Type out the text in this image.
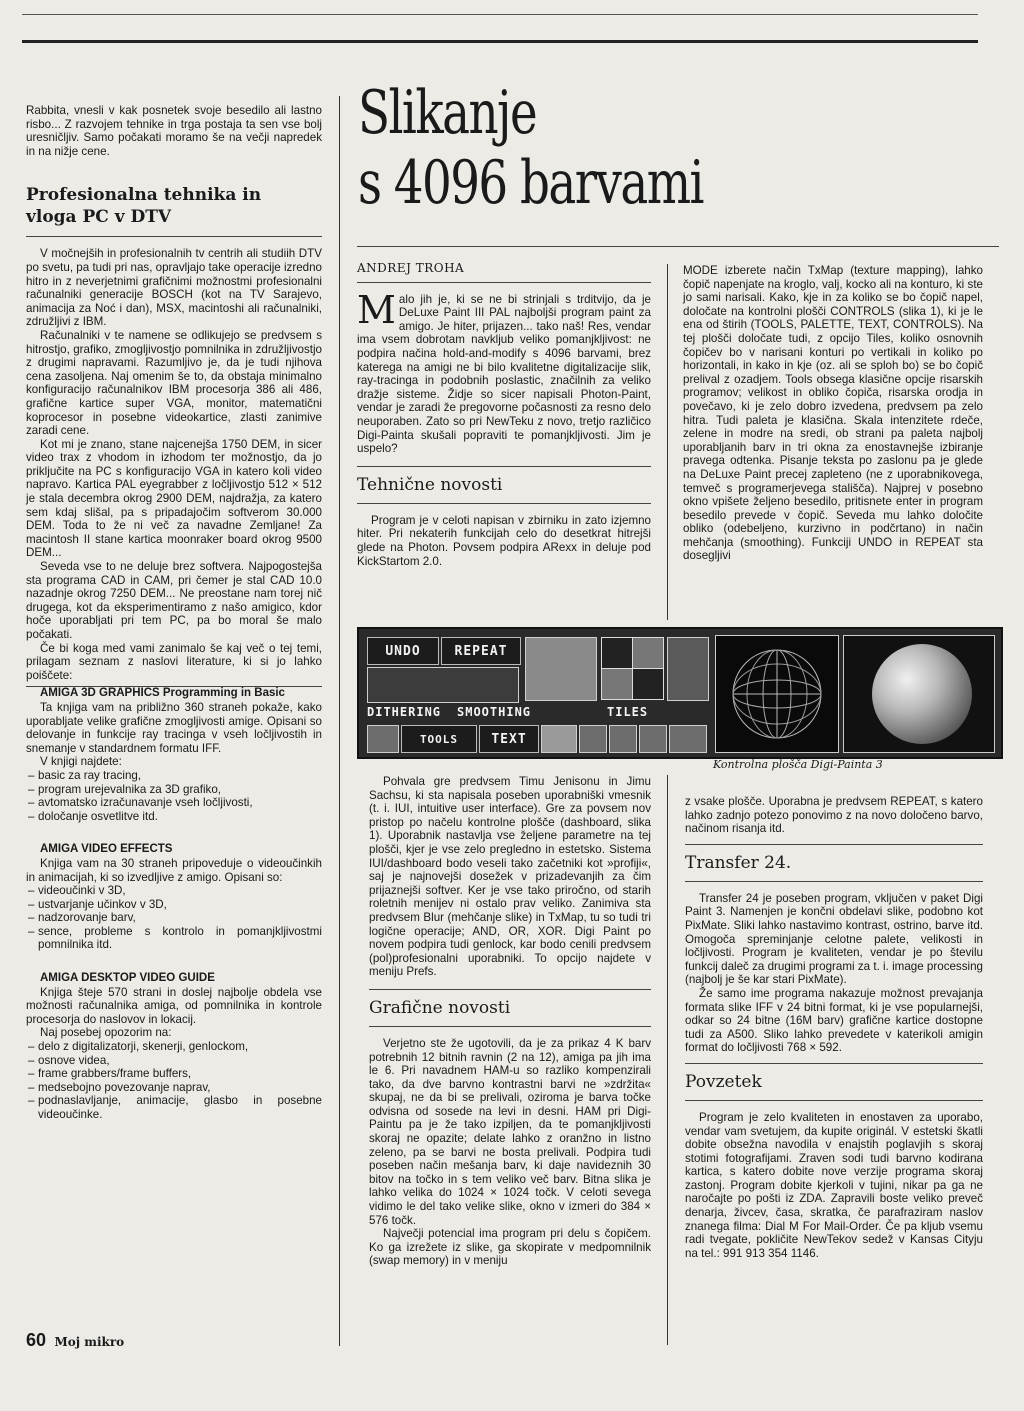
Rabbita, vnesli v kak posnetek svoje besedilo ali lastno risbo... Z razvojem tehnike in trga postaja ta sen vse bolj uresničljiv. Samo počakati moramo še na večji napredek in na nižje cene.

Profesionalna tehnika in vloga PC v DTV

V močnejših in profesionalnih tv centrih ali studiih DTV po svetu, pa tudi pri nas, opravljajo take operacije izredno hitro in z neverjetnimi grafičnimi možnostmi profesionalni računalniki generacije BOSCH (kot na TV Sarajevo, animacija za Noć i dan), MSX, macintoshi ali računalniki, združljivi z IBM.

Računalniki v te namene se odlikujejo se predvsem s hitrostjo, grafiko, zmogljivostjo pomnilnika in združljivostjo z drugimi napravami. Razumljivo je, da je tudi njihova cena zasoljena. Naj omenim še to, da obstaja minimalno konfiguracijo računalnikov IBM procesorja 386 ali 486, grafične kartice super VGA, monitor, matematični koprocesor in posebne videokartice, zlasti zanimive zaradi cene.

Kot mi je znano, stane najcenejša 1750 DEM, in sicer video trax z vhodom in izhodom ter možnostjo, da jo priključite na PC s konfiguracijo VGA in katero koli video napravo. Kartica PAL eyegrabber z ločljivostjo 512 × 512 je stala decembra okrog 2900 DEM, najdražja, za katero sem kdaj slišal, pa s pripadajočim softverom 30.000 DEM. Toda to že ni več za navadne Zemljane! Za macintosh II stane kartica moonraker board okrog 9500 DEM...

Seveda vse to ne deluje brez softvera. Najpogostejša sta programa CAD in CAM, pri čemer je stal CAD 10.0 nazadnje okrog 7250 DEM... Ne preostane nam torej nič drugega, kot da eksperimentiramo z našo amigico, kdor hoče uporabljati pri tem PC, pa bo moral še malo počakati.

Če bi koga med vami zanimalo še kaj več o tej temi, prilagam seznam z naslovi literature, ki si jo lahko poiščete:

AMIGA 3D GRAPHICS Programming in Basic

Ta knjiga vam na približno 360 straneh pokaže, kako uporabljate velike grafične zmogljivosti amige. Opisani so delovanje in funkcije ray tracinga v vseh ločljivostih in snemanje v standardnem formatu IFF.

V knjigi najdete:

– basic za ray tracing,
– program urejevalnika za 3D grafiko,
– avtomatsko izračunavanje vseh ločljivosti,
– določanje osvetlitve itd.

AMIGA VIDEO EFFECTS

Knjiga vam na 30 straneh pripoveduje o videoučinkih in animacijah, ki so izvedljive z amigo. Opisani so:

– videoučinki v 3D,
– ustvarjanje učinkov v 3D,
– nadzorovanje barv,
– sence, probleme s kontrolo in pomanjkljivostmi pomnilnika itd.

AMIGA DESKTOP VIDEO GUIDE

Knjiga šteje 570 strani in doslej najbolje obdela vse možnosti računalnika amiga, od pomnilnika in kontrole procesorja do naslovov in lokacij.

Naj posebej opozorim na:

– delo z digitalizatorji, skenerji, genlockom,
– osnove videa,
– frame grabbers/frame buffers,
– medsebojno povezovanje naprav,
– podnaslavljanje, animacije, glasbo in posebne videoučinke.
Slikanje
s 4096 barvami
ANDREJ TROHA

Malo jih je, ki se ne bi strinjali s trditvijo, da je DeLuxe Paint III PAL najboljši program paint za amigo. Je hiter, prijazen... tako naš! Res, vendar ima vsem dobrotam navkljub veliko pomanjkljivost: ne podpira načina hold-and-modify s 4096 barvami, brez katerega na amigi ne bi bilo kvalitetne digitalizacije slik, ray-tracinga in podobnih poslastic, značilnih za veliko dražje sisteme. Židje so sicer napisali Photon-Paint, vendar je zaradi že pregovorne počasnosti za resno delo neuporaben. Zato so pri NewTeku z novo, tretjo različico Digi-Painta skušali popraviti te pomanjkljivosti. Jim je uspelo?

Tehnične novosti

Program je v celoti napisan v zbirniku in zato izjemno hiter. Pri nekaterih funkcijah celo do desetkrat hitrejši glede na Photon. Povsem podpira ARexx in deluje pod KickStartom 2.0.

MODE izberete način TxMap (texture mapping), lahko čopič napenjate na kroglo, valj, kocko ali na konturo, ki ste jo sami narisali. Kako, kje in za koliko se bo čopič napel, določate na kontrolni plošči CONTROLS (slika 1), ki je le ena od štirih (TOOLS, PALETTE, TEXT, CONTROLS). Na tej plošči določate tudi, z opcijo Tiles, koliko osnovnih čopičev bo v narisani konturi po vertikali in koliko po horizontali, in kako in kje (oz. ali se sploh bo) se bo čopič prelival z ozadjem. Tools obsega klasične opcije risarskih programov; velikost in obliko čopiča, risarska orodja in povečavo, ki je zelo dobro izvedena, predvsem pa zelo hitra. Tudi paleta je klasična. Skala intenzitete rdeče, zelene in modre na sredi, ob strani pa paleta najbolj uporabljanih barv in tri okna za enostavnejše izbiranje pravega odtenka. Pisanje teksta po zaslonu pa je glede na DeLuxe Paint precej zapleteno (ne z uporabnikovega, temveč s programerjevega stališča). Najprej v posebno okno vpišete željeno besedilo, pritisnete enter in program besedilo prevede v čopič. Seveda mu lahko določite obliko (odebeljeno, kurzivno in podčrtano) in način mehčanja (smoothing). Funkciji UNDO in REPEAT sta dosegljivi

UNDO	REPEAT
DITHERING SMOOTHING	TILES
TOOLS	TEXT
Kontrolna plošča Digi-Painta 3

Pohvala gre predvsem Timu Jenisonu in Jimu Sachsu, ki sta napisala poseben uporabniški vmesnik (t. i. IUI, intuitive user interface). Gre za povsem nov pristop po načelu kontrolne plošče (dashboard, slika 1). Uporabnik nastavlja vse željene parametre na tej plošči, kjer je vse zelo pregledno in estetsko. Sistema IUI/dashboard bodo veseli tako začetniki kot »profiji«, saj je najnovejši dosežek v prizadevanjih za čim prijaznejši softver. Ker je vse tako priročno, od starih roletnih menijev ni ostalo prav veliko. Zanimiva sta predvsem Blur (mehčanje slike) in TxMap, tu so tudi tri logične operacije; AND, OR, XOR. Digi Paint po novem podpira tudi genlock, kar bodo cenili predvsem (pol)profesionalni uporabniki. To opcijo najdete v meniju Prefs.

Grafične novosti

Verjetno ste že ugotovili, da je za prikaz 4 K barv potrebnih 12 bitnih ravnin (2 na 12), amiga pa jih ima le 6. Pri navadnem HAM-u so razliko kompenzirali tako, da dve barvno kontrastni barvi ne »zdržita« skupaj, ne da bi se prelivali, oziroma je barva točke odvisna od sosede na levi in desni. HAM pri Digi-Paintu pa je že tako izpiljen, da te pomanjkljivosti skoraj ne opazite; delate lahko z oranžno in listno zeleno, pa se barvi ne bosta prelivali. Podpira tudi poseben način mešanja barv, ki daje navideznih 30 bitov na točko in s tem veliko več barv. Bitna slika je lahko velika do 1024 × 1024 točk. V celoti sevega vidimo le del tako velike slike, okno v izmeri do 384 × 576 točk.

Največji potencial ima program pri delu s čopičem. Ko ga izrežete iz slike, ga skopirate v medpomnilnik (swap memory) in v meniju

z vsake plošče. Uporabna je predvsem REPEAT, s katero lahko zadnjo potezo ponovimo z na novo določeno barvo, načinom risanja itd.

Transfer 24.

Transfer 24 je poseben program, vključen v paket Digi Paint 3. Namenjen je končni obdelavi slike, podobno kot PixMate. Sliki lahko nastavimo kontrast, ostrino, barve itd. Omogoča spreminjanje celotne palete, velikosti in ločljivosti. Program je kvaliteten, vendar je po številu funkcij daleč za drugimi programi za t. i. image processing (najbolj je še kar stari PixMate).

Že samo ime programa nakazuje možnost prevajanja formata slike IFF v 24 bitni format, ki je vse popularnejši, odkar so 24 bitne (16M barv) grafične kartice dostopne tudi za A500. Sliko lahko prevedete v katerikoli amigin format do ločljivosti 768 × 592.

Povzetek

Program je zelo kvaliteten in enostaven za uporabo, vendar vam svetujem, da kupite originál. V estetski škatli dobite obsežna navodila v enajstih poglavjih s skoraj stotimi fotografijami. Zraven sodi tudi barvno kodirana kartica, s katero dobite nove verzije programa skoraj zastonj. Program dobite kjerkoli v tujini, nikar pa ga ne naročajte po pošti iz ZDA. Zapravili boste veliko preveč denarja, živcev, časa, skratka, če parafraziram naslov znanega filma: Dial M For Mail-Order. Če pa kljub vsemu radi tvegate, pokličite NewTekov sedež v Kansas Cityju na tel.: 991 913 354 1146.

60 Moj mikro
